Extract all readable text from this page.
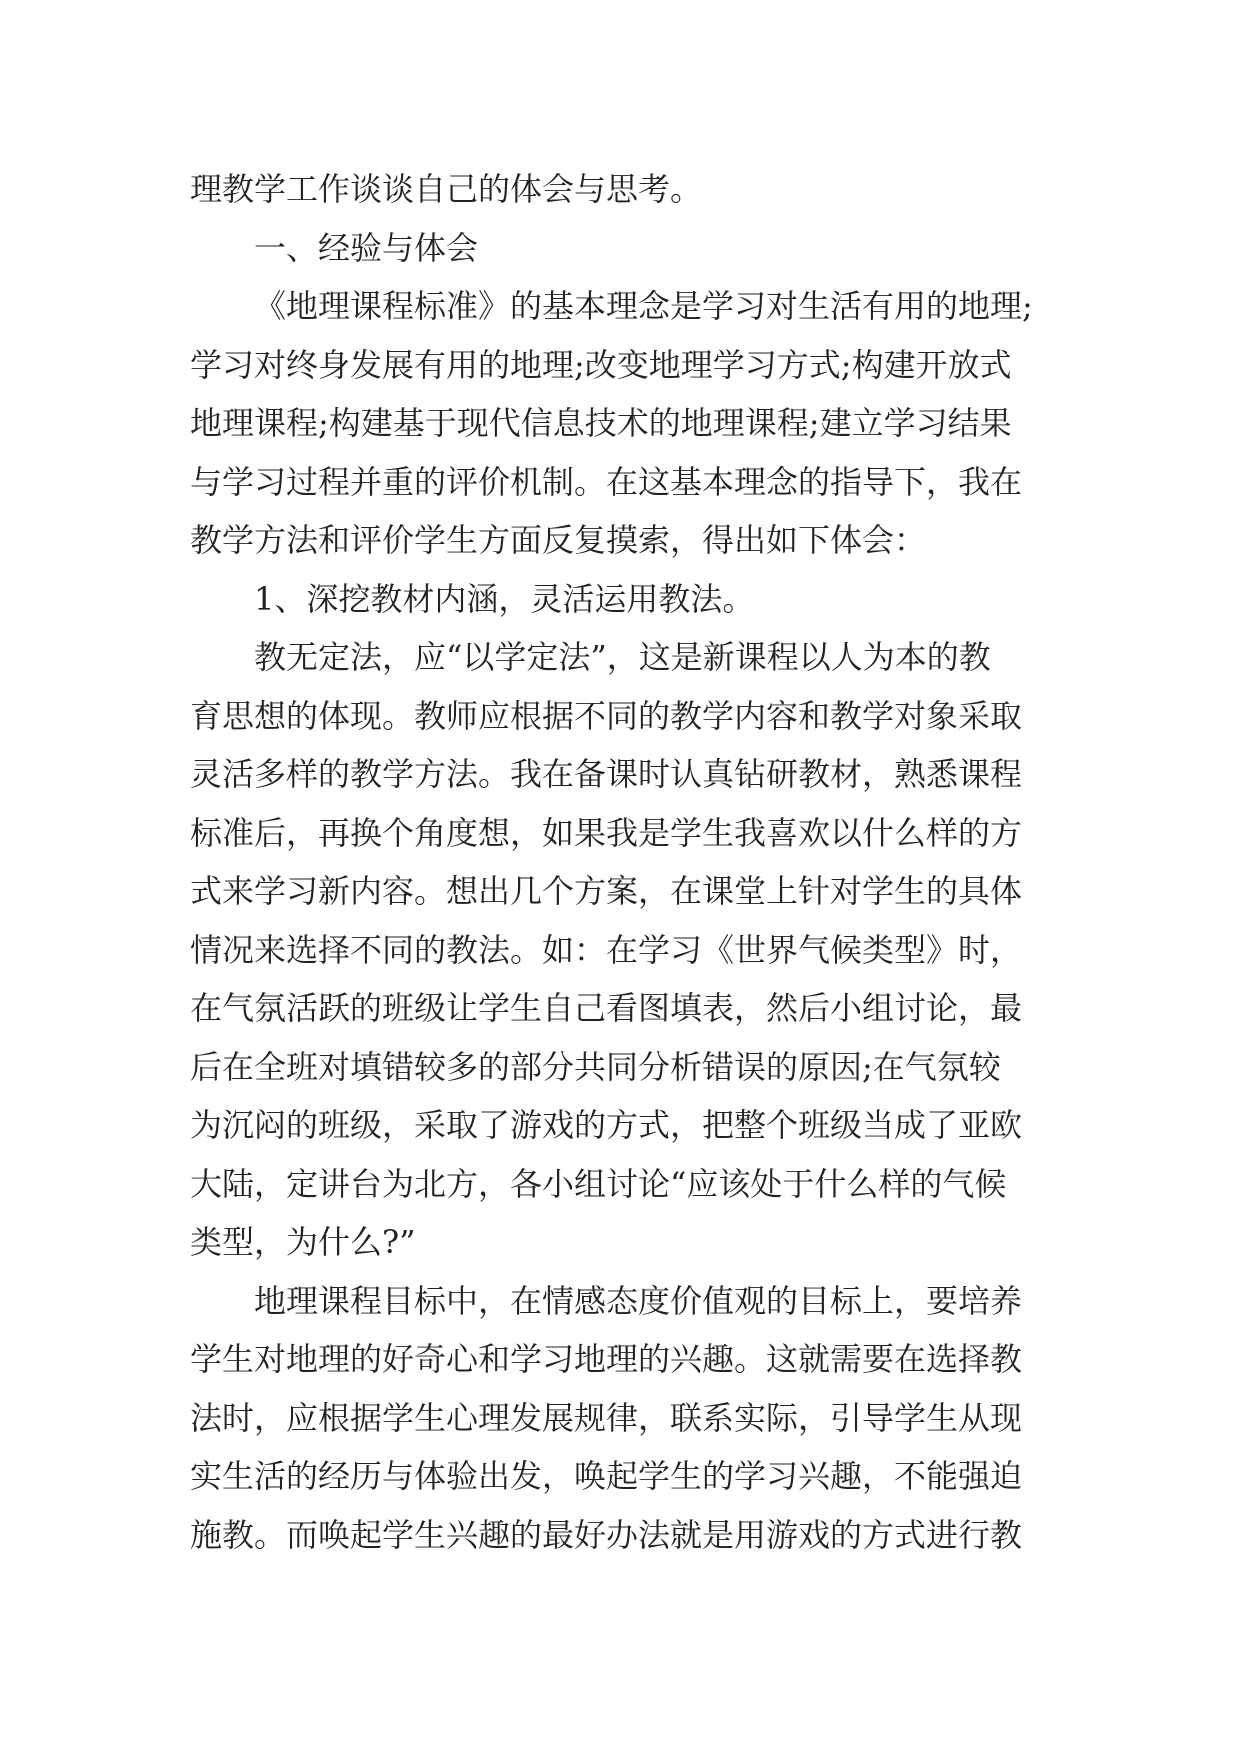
理教学工作谈谈自己的体会与思考。

一、经验与体会

《地理课程标准》的基本理念是学习对生活有用的地理;

学习对终身发展有用的地理;改变地理学习方式;构建开放式

地理课程;构建基于现代信息技术的地理课程;建立学习结果

与学习过程并重的评价机制。在这基本理念的指导下，我在

教学方法和评价学生方面反复摸索，得出如下体会：

1、深挖教材内涵，灵活运用教法。

教无定法，应“以学定法”，这是新课程以人为本的教

育思想的体现。教师应根据不同的教学内容和教学对象采取

灵活多样的教学方法。我在备课时认真钻研教材，熟悉课程

标准后，再换个角度想，如果我是学生我喜欢以什么样的方

式来学习新内容。想出几个方案，在课堂上针对学生的具体

情况来选择不同的教法。如：在学习《世界气候类型》时，

在气氛活跃的班级让学生自己看图填表，然后小组讨论，最

后在全班对填错较多的部分共同分析错误的原因;在气氛较

为沉闷的班级，采取了游戏的方式，把整个班级当成了亚欧

大陆，定讲台为北方，各小组讨论“应该处于什么样的气候

类型，为什么?”

地理课程目标中，在情感态度价值观的目标上，要培养

学生对地理的好奇心和学习地理的兴趣。这就需要在选择教

法时，应根据学生心理发展规律，联系实际，引导学生从现

实生活的经历与体验出发，唤起学生的学习兴趣，不能强迫

施教。而唤起学生兴趣的最好办法就是用游戏的方式进行教
